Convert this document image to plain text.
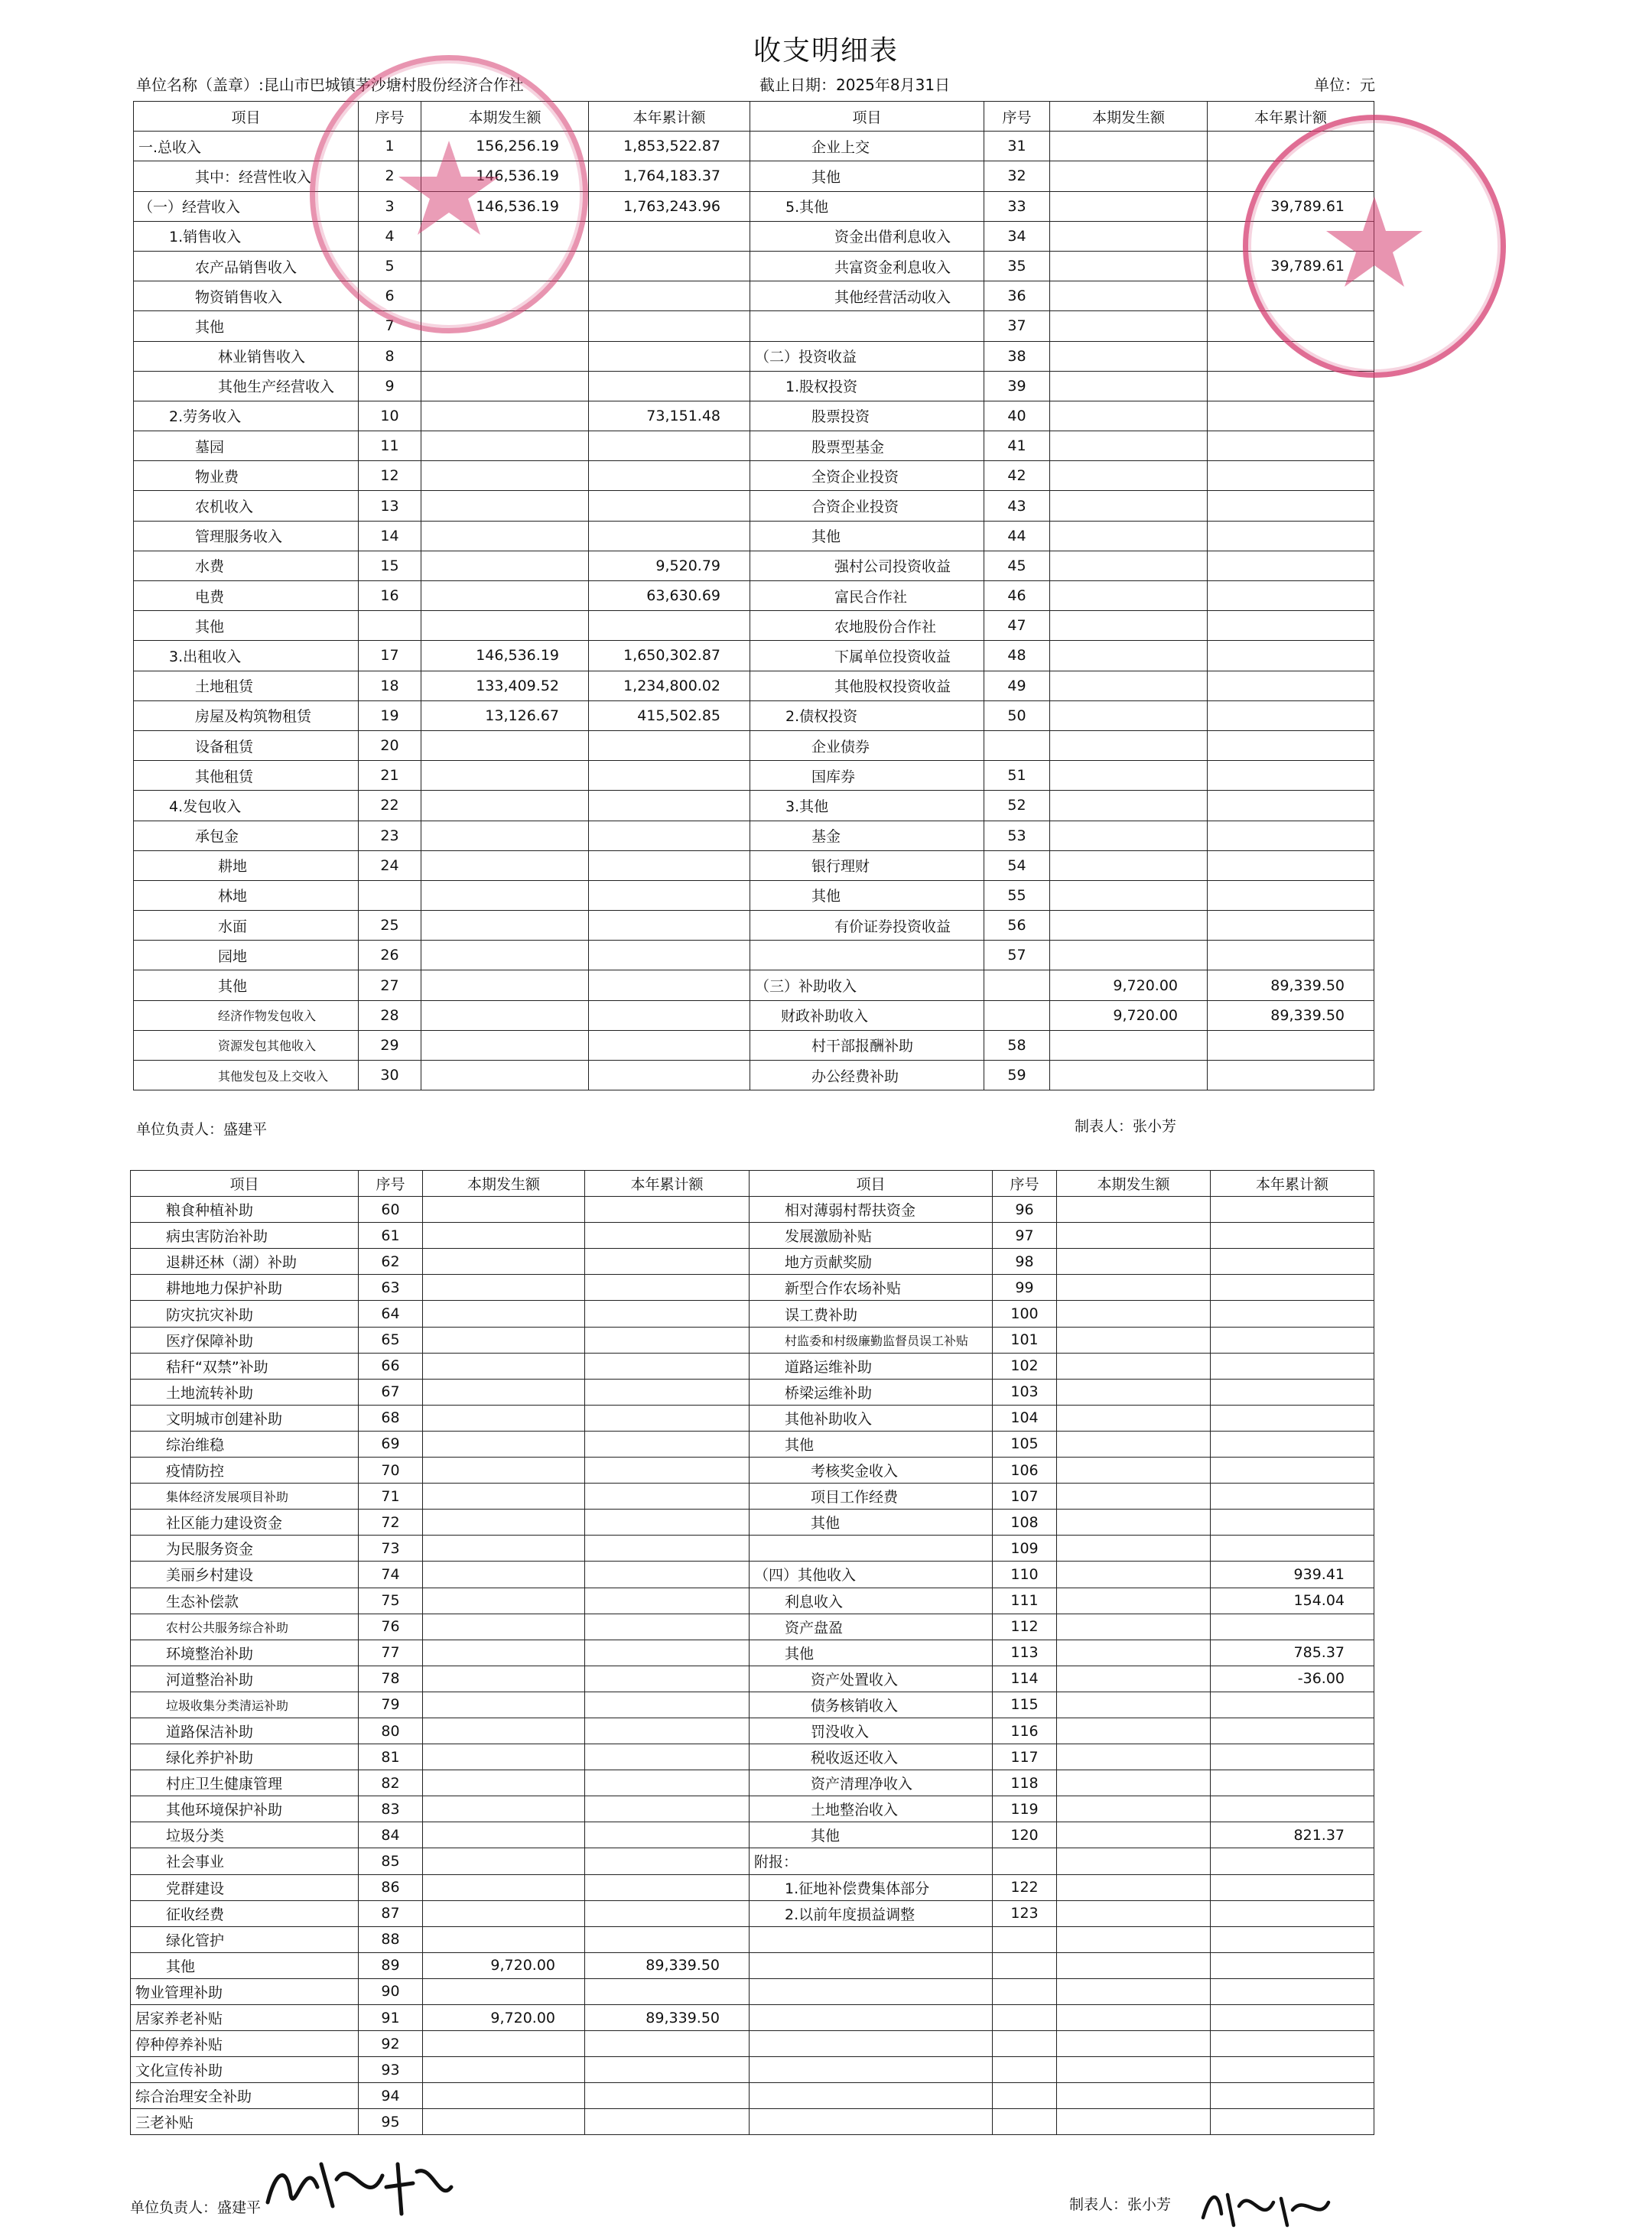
收支明细表
单位名称（盖章）:昆山市巴城镇茅沙塘村股份经济合作社	截止日期：2025年8月31日	单位：元
项目	序号	本期发生额	本年累计额	项目	序号	本期发生额	本年累计额
一.总收入	1	156,256.19	1,853,522.87	企业上交	31		
其中：经营性收入	2	146,536.19	1,764,183.37	其他	32		
（一）经营收入	3	146,536.19	1,763,243.96	5.其他	33		39,789.61
1.销售收入	4			资金出借利息收入	34		
农产品销售收入	5			共富资金利息收入	35		39,789.61
物资销售收入	6			其他经营活动收入	36		
其他	7				37		
林业销售收入	8			（二）投资收益	38		
其他生产经营收入	9			1.股权投资	39		
2.劳务收入	10		73,151.48	股票投资	40		
墓园	11			股票型基金	41		
物业费	12			全资企业投资	42		
农机收入	13			合资企业投资	43		
管理服务收入	14			其他	44		
水费	15		9,520.79	强村公司投资收益	45		
电费	16		63,630.69	富民合作社	46		
其他				农地股份合作社	47		
3.出租收入	17	146,536.19	1,650,302.87	下属单位投资收益	48		
土地租赁	18	133,409.52	1,234,800.02	其他股权投资收益	49		
房屋及构筑物租赁	19	13,126.67	415,502.85	2.债权投资	50		
设备租赁	20			企业债券			
其他租赁	21			国库券	51		
4.发包收入	22			3.其他	52		
承包金	23			基金	53		
耕地	24			银行理财	54		
林地				其他	55		
水面	25			有价证券投资收益	56		
园地	26				57		
其他	27			（三）补助收入		9,720.00	89,339.50
经济作物发包收入	28			财政补助收入		9,720.00	89,339.50
资源发包其他收入	29			村干部报酬补助	58		
其他发包及上交收入	30			办公经费补助	59		
单位负责人：盛建平	制表人：张小芳
项目	序号	本期发生额	本年累计额	项目	序号	本期发生额	本年累计额
粮食种植补助	60			相对薄弱村帮扶资金	96		
病虫害防治补助	61			发展激励补贴	97		
退耕还林（湖）补助	62			地方贡献奖励	98		
耕地地力保护补助	63			新型合作农场补贴	99		
防灾抗灾补助	64			误工费补助	100		
医疗保障补助	65			村监委和村级廉勤监督员误工补贴	101		
秸秆“双禁”补助	66			道路运维补助	102		
土地流转补助	67			桥梁运维补助	103		
文明城市创建补助	68			其他补助收入	104		
综治维稳	69			其他	105		
疫情防控	70			考核奖金收入	106		
集体经济发展项目补助	71			项目工作经费	107		
社区能力建设资金	72			其他	108		
为民服务资金	73				109		
美丽乡村建设	74			（四）其他收入	110		939.41
生态补偿款	75			利息收入	111		154.04
农村公共服务综合补助	76			资产盘盈	112		
环境整治补助	77			其他	113		785.37
河道整治补助	78			资产处置收入	114		-36.00
垃圾收集分类清运补助	79			债务核销收入	115		
道路保洁补助	80			罚没收入	116		
绿化养护补助	81			税收返还收入	117		
村庄卫生健康管理	82			资产清理净收入	118		
其他环境保护补助	83			土地整治收入	119		
垃圾分类	84			其他	120		821.37
社会事业	85			附报：			
党群建设	86			1.征地补偿费集体部分	122		
征收经费	87			2.以前年度损益调整	123		
绿化管护	88						
其他	89	9,720.00	89,339.50				
物业管理补助	90						
居家养老补贴	91	9,720.00	89,339.50				
停种停养补贴	92						
文化宣传补助	93						
综合治理安全补助	94						
三老补贴	95						
单位负责人：盛建平	制表人：张小芳
